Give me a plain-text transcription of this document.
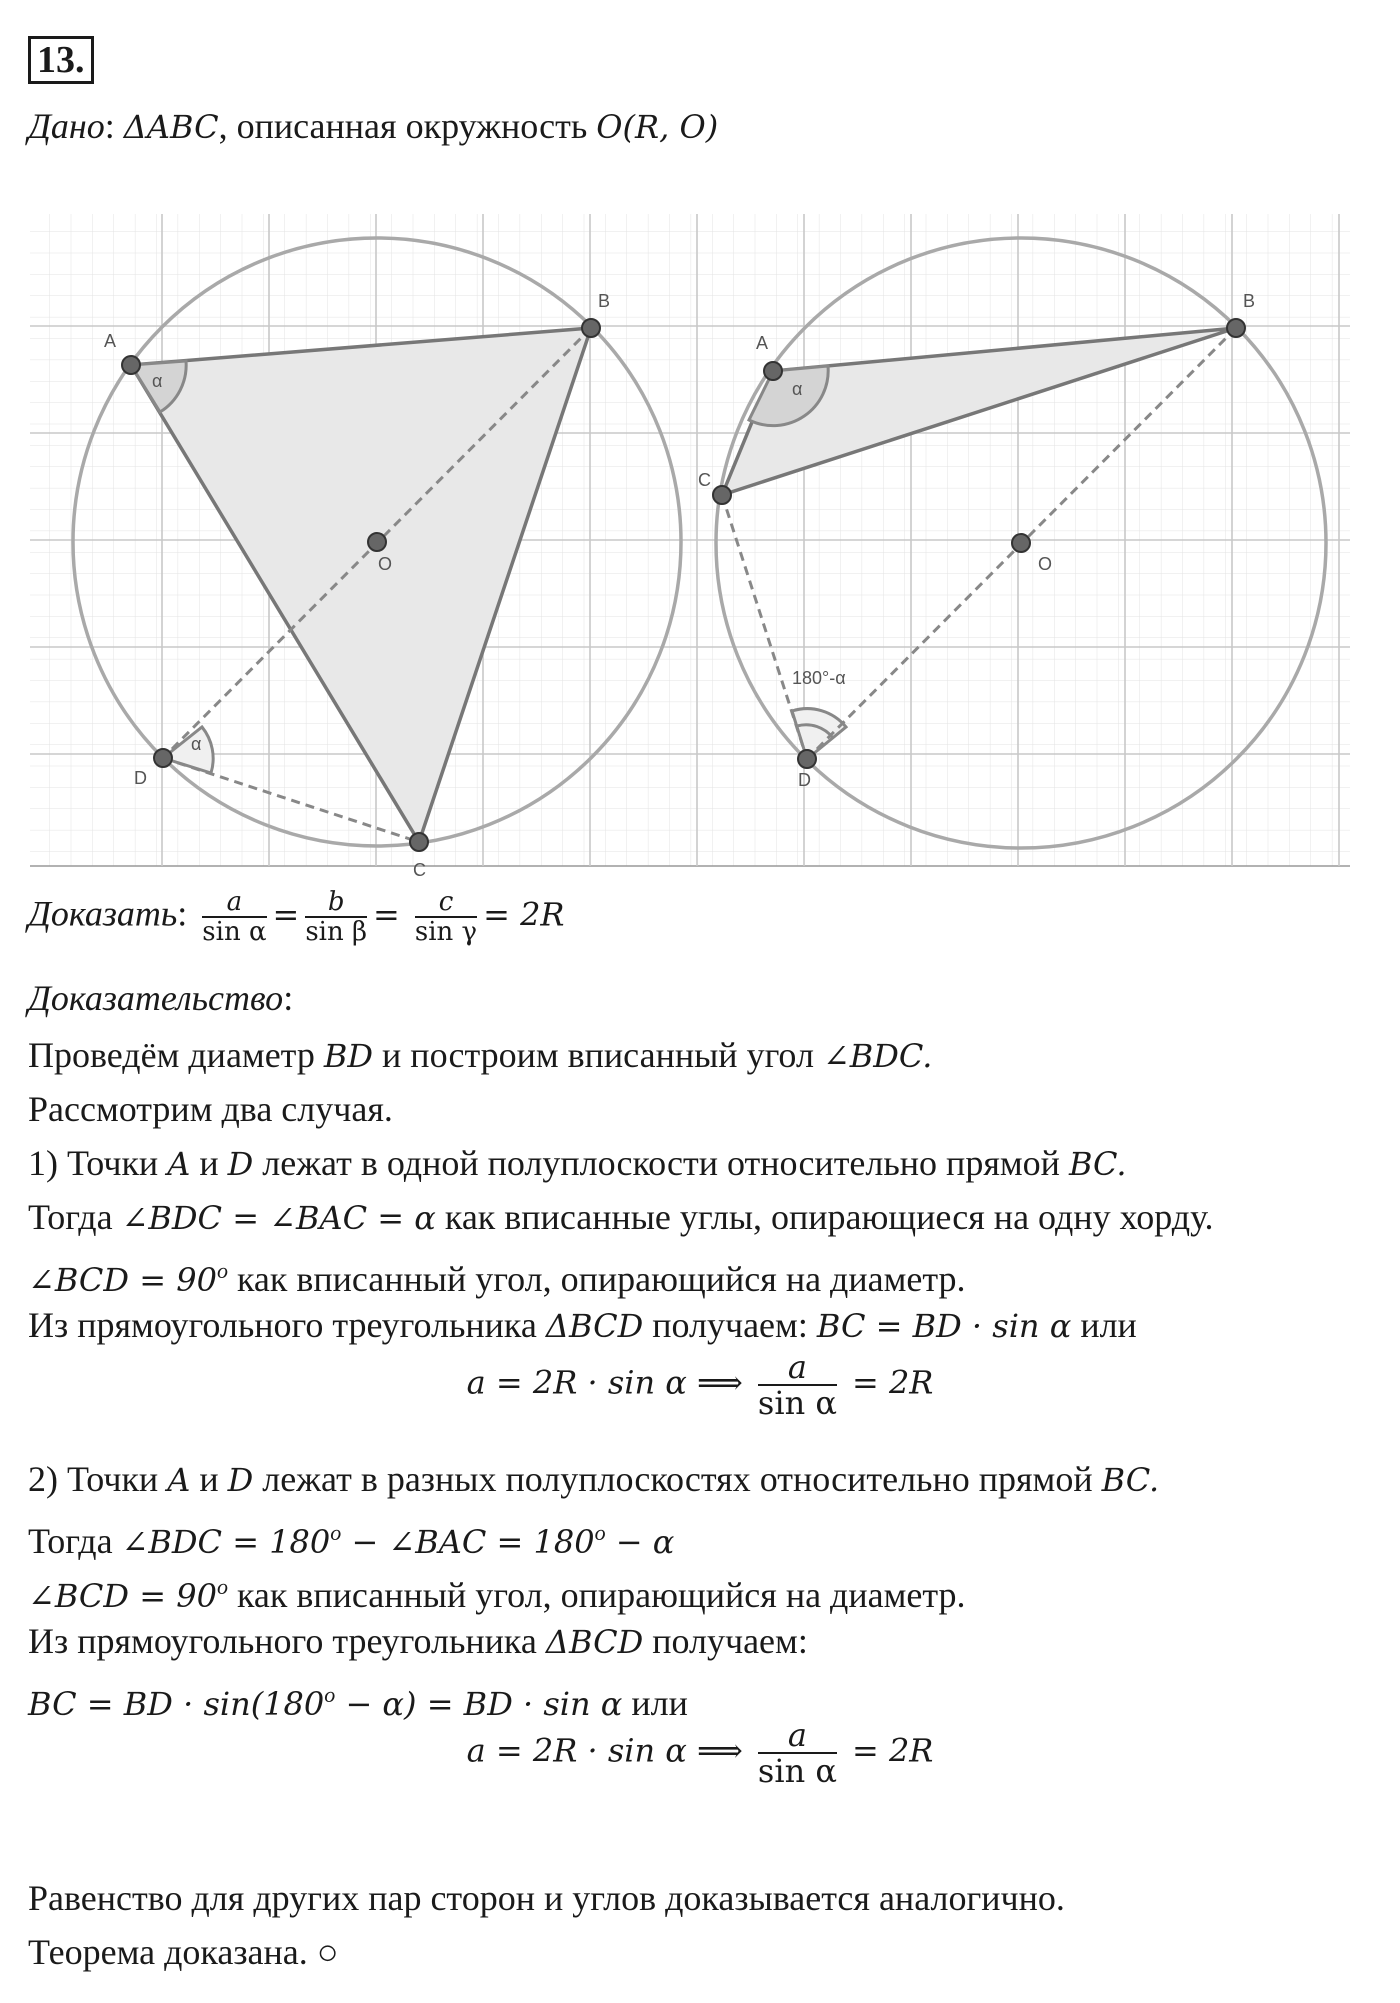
13.
Дано: ΔABC, описанная окружность O(R, O)
A
B
C
D
O
α
α
A
B
C
D
O
α
180°-α
Доказать: $\frac{a}{\text{sin α}} = \frac{b}{\text{sin β}} = \frac{c}{\text{sin γ}} = 2R$
Доказательство:
Проведём диаметр BD и построим вписанный угол ∠BDC.
Рассмотрим два случая.
1) Точки A и D лежат в одной полуплоскости относительно прямой BC.
Тогда ∠BDC = ∠BAC = α как вписанные углы, опирающиеся на одну хорду.
∠BCD = $90^o$ как вписанный угол, опирающийся на диаметр.
Из прямоугольного треугольника ΔBCD получаем: BC = BD · sin α или
a = 2R · sin α ⟹ $\frac{a}{\text{sin α}} = 2R$
2) Точки A и D лежат в разных полуплоскостях относительно прямой BC.
Тогда ∠BDC = $180^o$ − ∠BAC = $180^o - \alpha$
∠BCD = $90^o$ как вписанный угол, опирающийся на диаметр.
Из прямоугольного треугольника ΔBCD получаем:
BC = BD · $\sin(180^o - \alpha)$ = BD · sin α или
a = 2R · sin α ⟹ $\frac{a}{\text{sin α}} = 2R$
Равенство для других пар сторон и углов доказывается аналогично.
Теорема доказана. ○
